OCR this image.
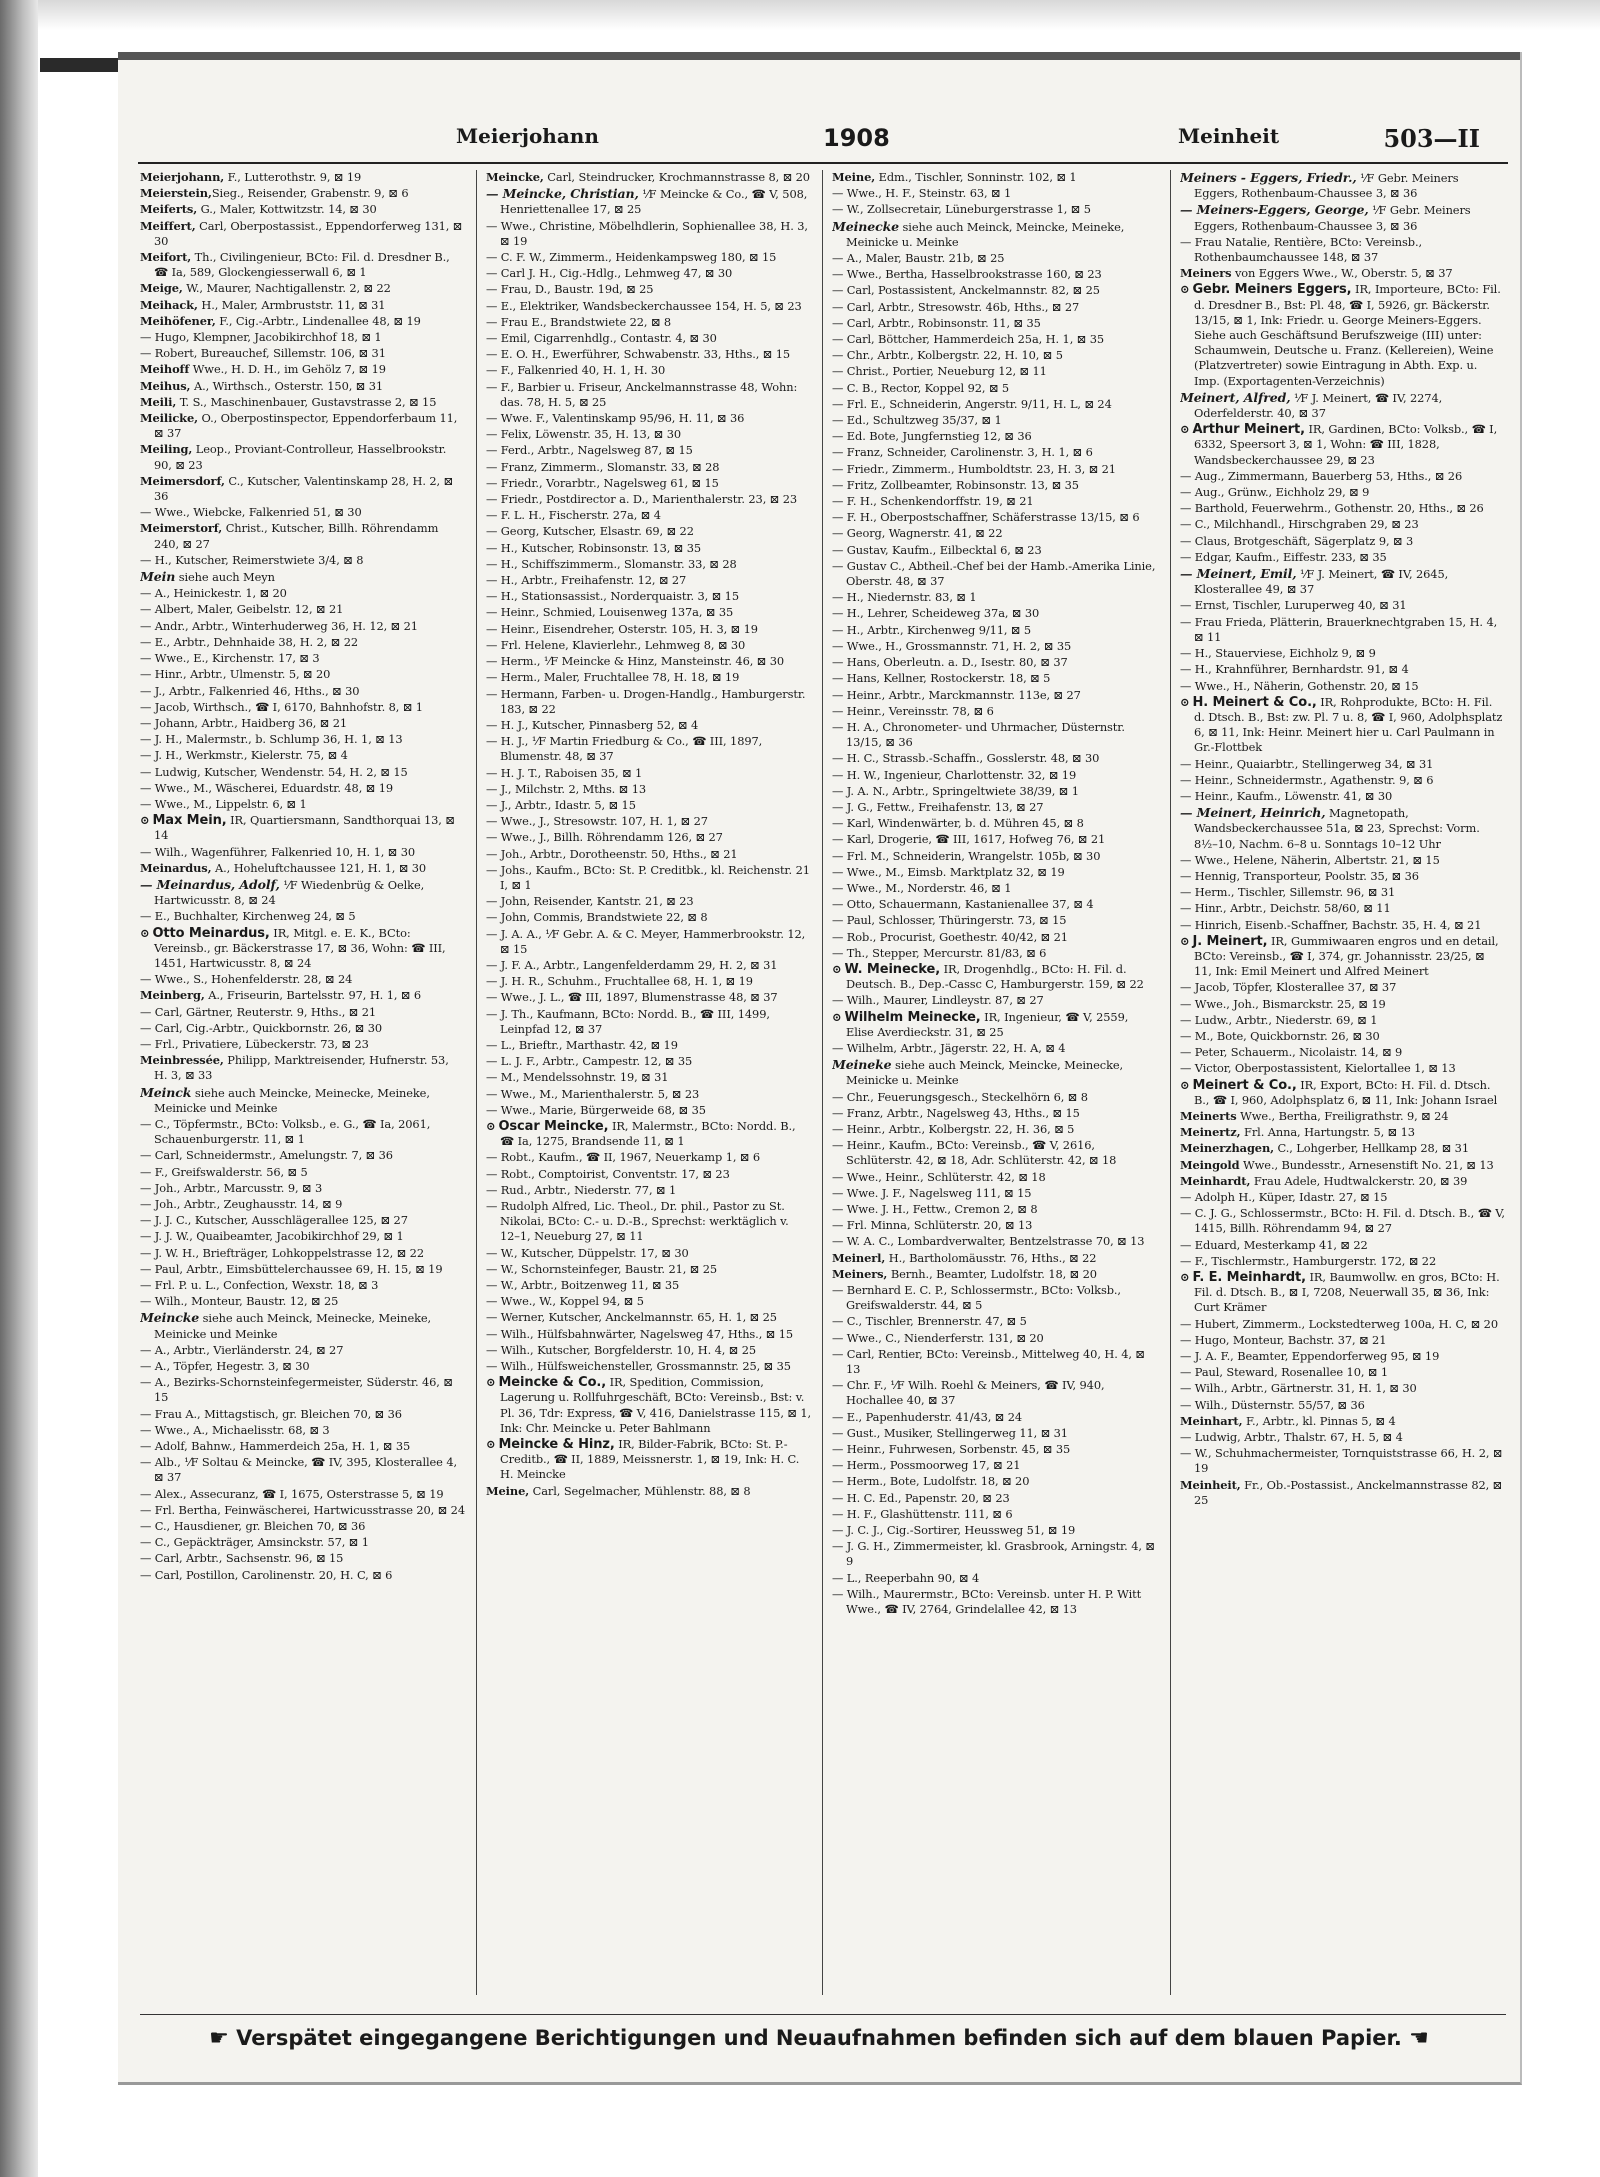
Meierjohann	1908	Meinheit	503—II
Meierjohann, F., Lutterothstr. 9, ⊠ 19
Meierstein,Sieg., Reisender, Grabenstr. 9, ⊠ 6
Meiferts, G., Maler, Kottwitzstr. 14, ⊠ 30
Meiffert, Carl, Oberpostassist., Eppendorferweg 131, ⊠ 30
Meifort, Th., Civilingenieur, BCto: Fil. d. Dresdner B., ☎ Ia, 589, Glockengiesserwall 6, ⊠ 1
Meige, W., Maurer, Nachtigallenstr. 2, ⊠ 22
Meihack, H., Maler, Armbruststr. 11, ⊠ 31
Meihöfener, F., Cig.-Arbtr., Lindenallee 48, ⊠ 19
— Hugo, Klempner, Jacobikirchhof 18, ⊠ 1
— Robert, Bureauchef, Sillemstr. 106, ⊠ 31
Meihoff Wwe., H. D. H., im Gehölz 7, ⊠ 19
Meihus, A., Wirthsch., Osterstr. 150, ⊠ 31
Meili, T. S., Maschinenbauer, Gustavstrasse 2, ⊠ 15
Meilicke, O., Oberpostinspector, Eppendorferbaum 11, ⊠ 37
Meiling, Leop., Proviant-Controlleur, Hasselbrookstr. 90, ⊠ 23
Meimersdorf, C., Kutscher, Valentinskamp 28, H. 2, ⊠ 36
— Wwe., Wiebcke, Falkenried 51, ⊠ 30
Meimerstorf, Christ., Kutscher, Billh. Röhrendamm 240, ⊠ 27
— H., Kutscher, Reimerstwiete 3/4, ⊠ 8
Mein siehe auch Meyn
— A., Heinickestr. 1, ⊠ 20
— Albert, Maler, Geibelstr. 12, ⊠ 21
— Andr., Arbtr., Winterhuderweg 36, H. 12, ⊠ 21
— E., Arbtr., Dehnhaide 38, H. 2, ⊠ 22
— Wwe., E., Kirchenstr. 17, ⊠ 3
— Hinr., Arbtr., Ulmenstr. 5, ⊠ 20
— J., Arbtr., Falkenried 46, Hths., ⊠ 30
— Jacob, Wirthsch., ☎ I, 6170, Bahnhofstr. 8, ⊠ 1
— Johann, Arbtr., Haidberg 36, ⊠ 21
— J. H., Malermstr., b. Schlump 36, H. 1, ⊠ 13
— J. H., Werkmstr., Kielerstr. 75, ⊠ 4
— Ludwig, Kutscher, Wendenstr. 54, H. 2, ⊠ 15
— Wwe., M., Wäscherei, Eduardstr. 48, ⊠ 19
— Wwe., M., Lippelstr. 6, ⊠ 1
⊙ Max Mein, IR, Quartiersmann, Sandthorquai 13, ⊠ 14
— Wilh., Wagenführer, Falkenried 10, H. 1, ⊠ 30
Meinardus, A., Hoheluftchaussee 121, H. 1, ⊠ 30
— Meinardus, Adolf, ⅟F Wiedenbrüg & Oelke, Hartwicusstr. 8, ⊠ 24
— E., Buchhalter, Kirchenweg 24, ⊠ 5
⊙ Otto Meinardus, IR, Mitgl. e. E. K., BCto: Vereinsb., gr. Bäckerstrasse 17, ⊠ 36, Wohn: ☎ III, 1451, Hartwicusstr. 8, ⊠ 24
— Wwe., S., Hohenfelderstr. 28, ⊠ 24
Meinberg, A., Friseurin, Bartelsstr. 97, H. 1, ⊠ 6
— Carl, Gärtner, Reuterstr. 9, Hths., ⊠ 21
— Carl, Cig.-Arbtr., Quickbornstr. 26, ⊠ 30
— Frl., Privatiere, Lübeckerstr. 73, ⊠ 23
Meinbressée, Philipp, Marktreisender, Hufnerstr. 53, H. 3, ⊠ 33
Meinck siehe auch Meincke, Meinecke, Meineke, Meinicke und Meinke
— C., Töpfermstr., BCto: Volksb., e. G., ☎ Ia, 2061, Schauenburgerstr. 11, ⊠ 1
— Carl, Schneidermstr., Amelungstr. 7, ⊠ 36
— F., Greifswalderstr. 56, ⊠ 5
— Joh., Arbtr., Marcusstr. 9, ⊠ 3
— Joh., Arbtr., Zeughausstr. 14, ⊠ 9
— J. J. C., Kutscher, Ausschlägerallee 125, ⊠ 27
— J. J. W., Quaibeamter, Jacobikirchhof 29, ⊠ 1
— J. W. H., Briefträger, Lohkoppelstrasse 12, ⊠ 22
— Paul, Arbtr., Eimsbüttelerchaussee 69, H. 15, ⊠ 19
— Frl. P. u. L., Confection, Wexstr. 18, ⊠ 3
— Wilh., Monteur, Baustr. 12, ⊠ 25
Meincke siehe auch Meinck, Meinecke, Meineke, Meinicke und Meinke
— A., Arbtr., Vierländerstr. 24, ⊠ 27
— A., Töpfer, Hegestr. 3, ⊠ 30
— A., Bezirks-Schornsteinfegermeister, Süderstr. 46, ⊠ 15
— Frau A., Mittagstisch, gr. Bleichen 70, ⊠ 36
— Wwe., A., Michaelisstr. 68, ⊠ 3
— Adolf, Bahnw., Hammerdeich 25a, H. 1, ⊠ 35
— Alb., ⅟F Soltau & Meincke, ☎ IV, 395, Klosterallee 4, ⊠ 37
— Alex., Assecuranz, ☎ I, 1675, Osterstrasse 5, ⊠ 19
— Frl. Bertha, Feinwäscherei, Hartwicusstrasse 20, ⊠ 24
— C., Hausdiener, gr. Bleichen 70, ⊠ 36
— C., Gepäckträger, Amsinckstr. 57, ⊠ 1
— Carl, Arbtr., Sachsenstr. 96, ⊠ 15
— Carl, Postillon, Carolinenstr. 20, H. C, ⊠ 6
Meincke, Carl, Steindrucker, Krochmannstrasse 8, ⊠ 20
— Meincke, Christian, ⅟F Meincke & Co., ☎ V, 508, Henriettenallee 17, ⊠ 25
— Wwe., Christine, Möbelhdlerin, Sophienallee 38, H. 3, ⊠ 19
— C. F. W., Zimmerm., Heidenkampsweg 180, ⊠ 15
— Carl J. H., Cig.-Hdlg., Lehmweg 47, ⊠ 30
— Frau, D., Baustr. 19d, ⊠ 25
— E., Elektriker, Wandsbeckerchaussee 154, H. 5, ⊠ 23
— Frau E., Brandstwiete 22, ⊠ 8
— Emil, Cigarrenhdlg., Contastr. 4, ⊠ 30
— E. O. H., Ewerführer, Schwabenstr. 33, Hths., ⊠ 15
— F., Falkenried 40, H. 1, H. 30
— F., Barbier u. Friseur, Anckelmannstrasse 48, Wohn: das. 78, H. 5, ⊠ 25
— Wwe. F., Valentinskamp 95/96, H. 11, ⊠ 36
— Felix, Löwenstr. 35, H. 13, ⊠ 30
— Ferd., Arbtr., Nagelsweg 87, ⊠ 15
— Franz, Zimmerm., Slomanstr. 33, ⊠ 28
— Friedr., Vorarbtr., Nagelsweg 61, ⊠ 15
— Friedr., Postdirector a. D., Marienthalerstr. 23, ⊠ 23
— F. L. H., Fischerstr. 27a, ⊠ 4
— Georg, Kutscher, Elsastr. 69, ⊠ 22
— H., Kutscher, Robinsonstr. 13, ⊠ 35
— H., Schiffszimmerm., Slomanstr. 33, ⊠ 28
— H., Arbtr., Freihafenstr. 12, ⊠ 27
— H., Stationsassist., Norderquaistr. 3, ⊠ 15
— Heinr., Schmied, Louisenweg 137a, ⊠ 35
— Heinr., Eisendreher, Osterstr. 105, H. 3, ⊠ 19
— Frl. Helene, Klavierlehr., Lehmweg 8, ⊠ 30
— Herm., ⅟F Meincke & Hinz, Mansteinstr. 46, ⊠ 30
— Herm., Maler, Fruchtallee 78, H. 18, ⊠ 19
— Hermann, Farben- u. Drogen-Handlg., Hamburgerstr. 183, ⊠ 22
— H. J., Kutscher, Pinnasberg 52, ⊠ 4
— H. J., ⅟F Martin Friedburg & Co., ☎ III, 1897, Blumenstr. 48, ⊠ 37
— H. J. T., Raboisen 35, ⊠ 1
— J., Milchstr. 2, Mths. ⊠ 13
— J., Arbtr., Idastr. 5, ⊠ 15
— Wwe., J., Stresowstr. 107, H. 1, ⊠ 27
— Wwe., J., Billh. Röhrendamm 126, ⊠ 27
— Joh., Arbtr., Dorotheenstr. 50, Hths., ⊠ 21
— Johs., Kaufm., BCto: St. P. Creditbk., kl. Reichenstr. 21 I, ⊠ 1
— John, Reisender, Kantstr. 21, ⊠ 23
— John, Commis, Brandstwiete 22, ⊠ 8
— J. A. A., ⅟F Gebr. A. & C. Meyer, Hammerbrookstr. 12, ⊠ 15
— J. F. A., Arbtr., Langenfelderdamm 29, H. 2, ⊠ 31
— J. H. R., Schuhm., Fruchtallee 68, H. 1, ⊠ 19
— Wwe., J. L., ☎ III, 1897, Blumenstrasse 48, ⊠ 37
— J. Th., Kaufmann, BCto: Nordd. B., ☎ III, 1499, Leinpfad 12, ⊠ 37
— L., Brieftr., Marthastr. 42, ⊠ 19
— L. J. F., Arbtr., Campestr. 12, ⊠ 35
— M., Mendelssohnstr. 19, ⊠ 31
— Wwe., M., Marienthalerstr. 5, ⊠ 23
— Wwe., Marie, Bürgerweide 68, ⊠ 35
⊙ Oscar Meincke, IR, Malermstr., BCto: Nordd. B., ☎ Ia, 1275, Brandsende 11, ⊠ 1
— Robt., Kaufm., ☎ II, 1967, Neuerkamp 1, ⊠ 6
— Robt., Comptoirist, Conventstr. 17, ⊠ 23
— Rud., Arbtr., Niederstr. 77, ⊠ 1
— Rudolph Alfred, Lic. Theol., Dr. phil., Pastor zu St. Nikolai, BCto: C.- u. D.-B., Sprechst: werktäglich v. 12–1, Neueburg 27, ⊠ 11
— W., Kutscher, Düppelstr. 17, ⊠ 30
— W., Schornsteinfeger, Baustr. 21, ⊠ 25
— W., Arbtr., Boitzenweg 11, ⊠ 35
— Wwe., W., Koppel 94, ⊠ 5
— Werner, Kutscher, Anckelmannstr. 65, H. 1, ⊠ 25
— Wilh., Hülfsbahnwärter, Nagelsweg 47, Hths., ⊠ 15
— Wilh., Kutscher, Borgfelderstr. 10, H. 4, ⊠ 25
— Wilh., Hülfsweichensteller, Grossmannstr. 25, ⊠ 35
⊙ Meincke & Co., IR, Spedition, Commission, Lagerung u. Rollfuhrgeschäft, BCto: Vereinsb., Bst: v. Pl. 36, Tdr: Express, ☎ V, 416, Danielstrasse 115, ⊠ 1, Ink: Chr. Meincke u. Peter Bahlmann
⊙ Meincke & Hinz, IR, Bilder-Fabrik, BCto: St. P.-Creditb., ☎ II, 1889, Meissnerstr. 1, ⊠ 19, Ink: H. C. H. Meincke
Meine, Carl, Segelmacher, Mühlenstr. 88, ⊠ 8
Meine, Edm., Tischler, Sonninstr. 102, ⊠ 1
— Wwe., H. F., Steinstr. 63, ⊠ 1
— W., Zollsecretair, Lüneburgerstrasse 1, ⊠ 5
Meinecke siehe auch Meinck, Meincke, Meineke, Meinicke u. Meinke
— A., Maler, Baustr. 21b, ⊠ 25
— Wwe., Bertha, Hasselbrookstrasse 160, ⊠ 23
— Carl, Postassistent, Anckelmannstr. 82, ⊠ 25
— Carl, Arbtr., Stresowstr. 46b, Hths., ⊠ 27
— Carl, Arbtr., Robinsonstr. 11, ⊠ 35
— Carl, Böttcher, Hammerdeich 25a, H. 1, ⊠ 35
— Chr., Arbtr., Kolbergstr. 22, H. 10, ⊠ 5
— Christ., Portier, Neueburg 12, ⊠ 11
— C. B., Rector, Koppel 92, ⊠ 5
— Frl. E., Schneiderin, Angerstr. 9/11, H. L, ⊠ 24
— Ed., Schultzweg 35/37, ⊠ 1
— Ed. Bote, Jungfernstieg 12, ⊠ 36
— Franz, Schneider, Carolinenstr. 3, H. 1, ⊠ 6
— Friedr., Zimmerm., Humboldtstr. 23, H. 3, ⊠ 21
— Fritz, Zollbeamter, Robinsonstr. 13, ⊠ 35
— F. H., Schenkendorffstr. 19, ⊠ 21
— F. H., Oberpostschaffner, Schäferstrasse 13/15, ⊠ 6
— Georg, Wagnerstr. 41, ⊠ 22
— Gustav, Kaufm., Eilbecktal 6, ⊠ 23
— Gustav C., Abtheil.-Chef bei der Hamb.-Amerika Linie, Oberstr. 48, ⊠ 37
— H., Niedernstr. 83, ⊠ 1
— H., Lehrer, Scheideweg 37a, ⊠ 30
— H., Arbtr., Kirchenweg 9/11, ⊠ 5
— Wwe., H., Grossmannstr. 71, H. 2, ⊠ 35
— Hans, Oberleutn. a. D., Isestr. 80, ⊠ 37
— Hans, Kellner, Rostockerstr. 18, ⊠ 5
— Heinr., Arbtr., Marckmannstr. 113e, ⊠ 27
— Heinr., Vereinsstr. 78, ⊠ 6
— H. A., Chronometer- und Uhrmacher, Düsternstr. 13/15, ⊠ 36
— H. C., Strassb.-Schaffn., Gosslerstr. 48, ⊠ 30
— H. W., Ingenieur, Charlottenstr. 32, ⊠ 19
— J. A. N., Arbtr., Springeltwiete 38/39, ⊠ 1
— J. G., Fettw., Freihafenstr. 13, ⊠ 27
— Karl, Windenwärter, b. d. Mühren 45, ⊠ 8
— Karl, Drogerie, ☎ III, 1617, Hofweg 76, ⊠ 21
— Frl. M., Schneiderin, Wrangelstr. 105b, ⊠ 30
— Wwe., M., Eimsb. Marktplatz 32, ⊠ 19
— Wwe., M., Norderstr. 46, ⊠ 1
— Otto, Schauermann, Kastanienallee 37, ⊠ 4
— Paul, Schlosser, Thüringerstr. 73, ⊠ 15
— Rob., Procurist, Goethestr. 40/42, ⊠ 21
— Th., Stepper, Mercurstr. 81/83, ⊠ 6
⊙ W. Meinecke, IR, Drogenhdlg., BCto: H. Fil. d. Deutsch. B., Dep.-Cassc C, Hamburgerstr. 159, ⊠ 22
— Wilh., Maurer, Lindleystr. 87, ⊠ 27
⊙ Wilhelm Meinecke, IR, Ingenieur, ☎ V, 2559, Elise Averdieckstr. 31, ⊠ 25
— Wilhelm, Arbtr., Jägerstr. 22, H. A, ⊠ 4
Meineke siehe auch Meinck, Meincke, Meinecke, Meinicke u. Meinke
— Chr., Feuerungsgesch., Steckelhörn 6, ⊠ 8
— Franz, Arbtr., Nagelsweg 43, Hths., ⊠ 15
— Heinr., Arbtr., Kolbergstr. 22, H. 36, ⊠ 5
— Heinr., Kaufm., BCto: Vereinsb., ☎ V, 2616, Schlüterstr. 42, ⊠ 18, Adr. Schlüterstr. 42, ⊠ 18
— Wwe., Heinr., Schlüterstr. 42, ⊠ 18
— Wwe. J. F., Nagelsweg 111, ⊠ 15
— Wwe. J. H., Fettw., Cremon 2, ⊠ 8
— Frl. Minna, Schlüterstr. 20, ⊠ 13
— W. A. C., Lombardverwalter, Bentzelstrasse 70, ⊠ 13
Meinerl, H., Bartholomäusstr. 76, Hths., ⊠ 22
Meiners, Bernh., Beamter, Ludolfstr. 18, ⊠ 20
— Bernhard E. C. P., Schlossermstr., BCto: Volksb., Greifswalderstr. 44, ⊠ 5
— C., Tischler, Brennerstr. 47, ⊠ 5
— Wwe., C., Nienderferstr. 131, ⊠ 20
— Carl, Rentier, BCto: Vereinsb., Mittelweg 40, H. 4, ⊠ 13
— Chr. F., ⅟F Wilh. Roehl & Meiners, ☎ IV, 940, Hochallee 40, ⊠ 37
— E., Papenhuderstr. 41/43, ⊠ 24
— Gust., Musiker, Stellingerweg 11, ⊠ 31
— Heinr., Fuhrwesen, Sorbenstr. 45, ⊠ 35
— Herm., Possmoorweg 17, ⊠ 21
— Herm., Bote, Ludolfstr. 18, ⊠ 20
— H. C. Ed., Papenstr. 20, ⊠ 23
— H. F., Glashüttenstr. 111, ⊠ 6
— J. C. J., Cig.-Sortirer, Heussweg 51, ⊠ 19
— J. G. H., Zimmermeister, kl. Grasbrook, Arningstr. 4, ⊠ 9
— L., Reeperbahn 90, ⊠ 4
— Wilh., Maurermstr., BCto: Vereinsb. unter H. P. Witt Wwe., ☎ IV, 2764, Grindelallee 42, ⊠ 13
Meiners - Eggers, Friedr., ⅟F Gebr. Meiners Eggers, Rothenbaum-Chaussee 3, ⊠ 36
— Meiners-Eggers, George, ⅟F Gebr. Meiners Eggers, Rothenbaum-Chaussee 3, ⊠ 36
— Frau Natalie, Rentière, BCto: Vereinsb., Rothenbaumchaussee 148, ⊠ 37
Meiners von Eggers Wwe., W., Oberstr. 5, ⊠ 37
⊙ Gebr. Meiners Eggers, IR, Importeure, BCto: Fil. d. Dresdner B., Bst: Pl. 48, ☎ I, 5926, gr. Bäckerstr. 13/15, ⊠ 1, Ink: Friedr. u. George Meiners-Eggers. Siehe auch Geschäftsund Berufszweige (III) unter: Schaumwein, Deutsche u. Franz. (Kellereien), Weine (Platzvertreter) sowie Eintragung in Abth. Exp. u. Imp. (Exportagenten-Verzeichnis)
Meinert, Alfred, ⅟F J. Meinert, ☎ IV, 2274, Oderfelderstr. 40, ⊠ 37
⊙ Arthur Meinert, IR, Gardinen, BCto: Volksb., ☎ I, 6332, Speersort 3, ⊠ 1, Wohn: ☎ III, 1828, Wandsbeckerchaussee 29, ⊠ 23
— Aug., Zimmermann, Bauerberg 53, Hths., ⊠ 26
— Aug., Grünw., Eichholz 29, ⊠ 9
— Barthold, Feuerwehrm., Gothenstr. 20, Hths., ⊠ 26
— C., Milchhandl., Hirschgraben 29, ⊠ 23
— Claus, Brotgeschäft, Sägerplatz 9, ⊠ 3
— Edgar, Kaufm., Eiffestr. 233, ⊠ 35
— Meinert, Emil, ⅟F J. Meinert, ☎ IV, 2645, Klosterallee 49, ⊠ 37
— Ernst, Tischler, Luruperweg 40, ⊠ 31
— Frau Frieda, Plätterin, Brauerknechtgraben 15, H. 4, ⊠ 11
— H., Stauerviese, Eichholz 9, ⊠ 9
— H., Krahnführer, Bernhardstr. 91, ⊠ 4
— Wwe., H., Näherin, Gothenstr. 20, ⊠ 15
⊙ H. Meinert & Co., IR, Rohprodukte, BCto: H. Fil. d. Dtsch. B., Bst: zw. Pl. 7 u. 8, ☎ I, 960, Adolphsplatz 6, ⊠ 11, Ink: Heinr. Meinert hier u. Carl Paulmann in Gr.-Flottbek
— Heinr., Quaiarbtr., Stellingerweg 34, ⊠ 31
— Heinr., Schneidermstr., Agathenstr. 9, ⊠ 6
— Heinr., Kaufm., Löwenstr. 41, ⊠ 30
— Meinert, Heinrich, Magnetopath, Wandsbeckerchaussee 51a, ⊠ 23, Sprechst: Vorm. 8½–10, Nachm. 6–8 u. Sonntags 10–12 Uhr
— Wwe., Helene, Näherin, Albertstr. 21, ⊠ 15
— Hennig, Transporteur, Poolstr. 35, ⊠ 36
— Herm., Tischler, Sillemstr. 96, ⊠ 31
— Hinr., Arbtr., Deichstr. 58/60, ⊠ 11
— Hinrich, Eisenb.-Schaffner, Bachstr. 35, H. 4, ⊠ 21
⊙ J. Meinert, IR, Gummiwaaren engros und en detail, BCto: Vereinsb., ☎ I, 374, gr. Johannisstr. 23/25, ⊠ 11, Ink: Emil Meinert und Alfred Meinert
— Jacob, Töpfer, Klosterallee 37, ⊠ 37
— Wwe., Joh., Bismarckstr. 25, ⊠ 19
— Ludw., Arbtr., Niederstr. 69, ⊠ 1
— M., Bote, Quickbornstr. 26, ⊠ 30
— Peter, Schauerm., Nicolaistr. 14, ⊠ 9
— Victor, Oberpostassistent, Kielortallee 1, ⊠ 13
⊙ Meinert & Co., IR, Export, BCto: H. Fil. d. Dtsch. B., ☎ I, 960, Adolphsplatz 6, ⊠ 11, Ink: Johann Israel
Meinerts Wwe., Bertha, Freiligrathstr. 9, ⊠ 24
Meinertz, Frl. Anna, Hartungstr. 5, ⊠ 13
Meinerzhagen, C., Lohgerber, Hellkamp 28, ⊠ 31
Meingold Wwe., Bundesstr., Arnesenstift No. 21, ⊠ 13
Meinhardt, Frau Adele, Hudtwalckerstr. 20, ⊠ 39
— Adolph H., Küper, Idastr. 27, ⊠ 15
— C. J. G., Schlossermstr., BCto: H. Fil. d. Dtsch. B., ☎ V, 1415, Billh. Röhrendamm 94, ⊠ 27
— Eduard, Mesterkamp 41, ⊠ 22
— F., Tischlermstr., Hamburgerstr. 172, ⊠ 22
⊙ F. E. Meinhardt, IR, Baumwollw. en gros, BCto: H. Fil. d. Dtsch. B., ⊠ I, 7208, Neuerwall 35, ⊠ 36, Ink: Curt Krämer
— Hubert, Zimmerm., Lockstedterweg 100a, H. C, ⊠ 20
— Hugo, Monteur, Bachstr. 37, ⊠ 21
— J. A. F., Beamter, Eppendorferweg 95, ⊠ 19
— Paul, Steward, Rosenallee 10, ⊠ 1
— Wilh., Arbtr., Gärtnerstr. 31, H. 1, ⊠ 30
— Wilh., Düsternstr. 55/57, ⊠ 36
Meinhart, F., Arbtr., kl. Pinnas 5, ⊠ 4
— Ludwig, Arbtr., Thalstr. 67, H. 5, ⊠ 4
— W., Schuhmachermeister, Tornquiststrasse 66, H. 2, ⊠ 19
Meinheit, Fr., Ob.-Postassist., Anckelmannstrasse 82, ⊠ 25
☛ Verspätet eingegangene Berichtigungen und Neuaufnahmen befinden sich auf dem blauen Papier. ☚
